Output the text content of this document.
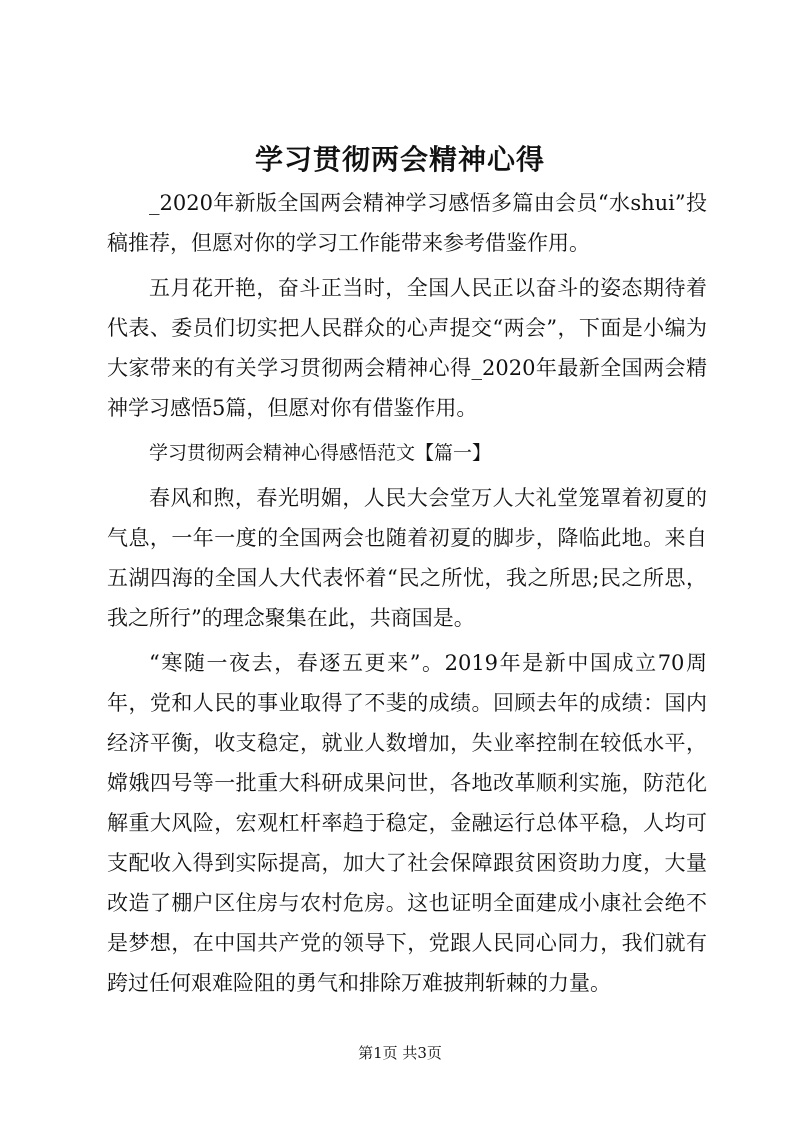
学习贯彻两会精神心得

_2020年新版全国两会精神学习感悟多篇由会员“水shui”投稿推荐，但愿对你的学习工作能带来参考借鉴作用。

五月花开艳，奋斗正当时，全国人民正以奋斗的姿态期待着代表、委员们切实把人民群众的心声提交“两会”，下面是小编为大家带来的有关学习贯彻两会精神心得_2020年最新全国两会精神学习感悟5篇，但愿对你有借鉴作用。

学习贯彻两会精神心得感悟范文【篇一】

春风和煦，春光明媚，人民大会堂万人大礼堂笼罩着初夏的气息，一年一度的全国两会也随着初夏的脚步，降临此地。来自五湖四海的全国人大代表怀着“民之所忧，我之所思;民之所思，我之所行”的理念聚集在此，共商国是。

“寒随一夜去，春逐五更来”。2019年是新中国成立70周年，党和人民的事业取得了不斐的成绩。回顾去年的成绩：国内经济平衡，收支稳定，就业人数增加，失业率控制在较低水平，嫦娥四号等一批重大科研成果问世，各地改革顺利实施，防范化解重大风险，宏观杠杆率趋于稳定，金融运行总体平稳，人均可支配收入得到实际提高，加大了社会保障跟贫困资助力度，大量改造了棚户区住房与农村危房。这也证明全面建成小康社会绝不是梦想，在中国共产党的领导下，党跟人民同心同力，我们就有跨过任何艰难险阻的勇气和排除万难披荆斩棘的力量。

第1页 共3页
